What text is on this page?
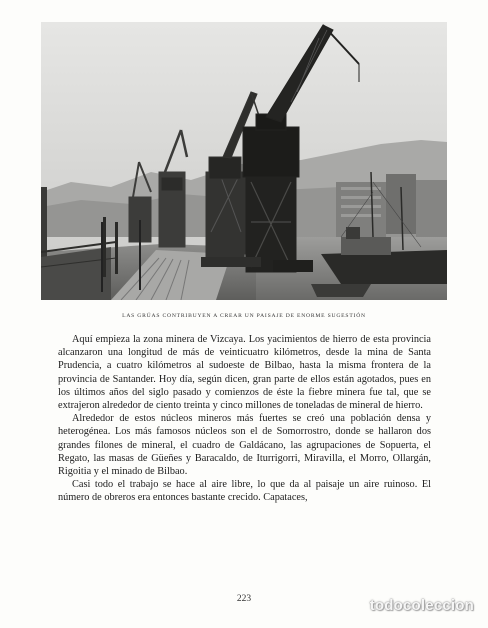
LAS GRÚAS CONTRIBUYEN A CREAR UN PAISAJE DE ENORME SUGESTIÓN

Aquí empieza la zona minera de Vizcaya. Los yacimientos de hierro de esta provincia alcanzaron una longitud de más de veinticuatro kilómetros, desde la mina de Santa Prudencia, a cuatro kilómetros al sudoeste de Bilbao, hasta la misma frontera de la provincia de Santander. Hoy día, según dicen, gran parte de ellos están agotados, pues en los últimos años del siglo pasado y comienzos de éste la fiebre minera fue tal, que se extrajeron alrededor de ciento treinta y cinco millones de toneladas de mineral de hierro.

Alrededor de estos núcleos mineros más fuertes se creó una población densa y heterogénea. Los más famosos núcleos son el de Somorrostro, donde se hallaron dos grandes filones de mineral, el cuadro de Galdácano, las agrupaciones de Sopuerta, el Regato, las masas de Güeñes y Baracaldo, de Iturrigorri, Miravilla, el Morro, Ollargán, Rigoitia y el minado de Bilbao.

Casi todo el trabajo se hace al aire libre, lo que da al paisaje un aire ruinoso. El número de obreros era entonces bastante crecido. Capataces,

223	todocoleccion
